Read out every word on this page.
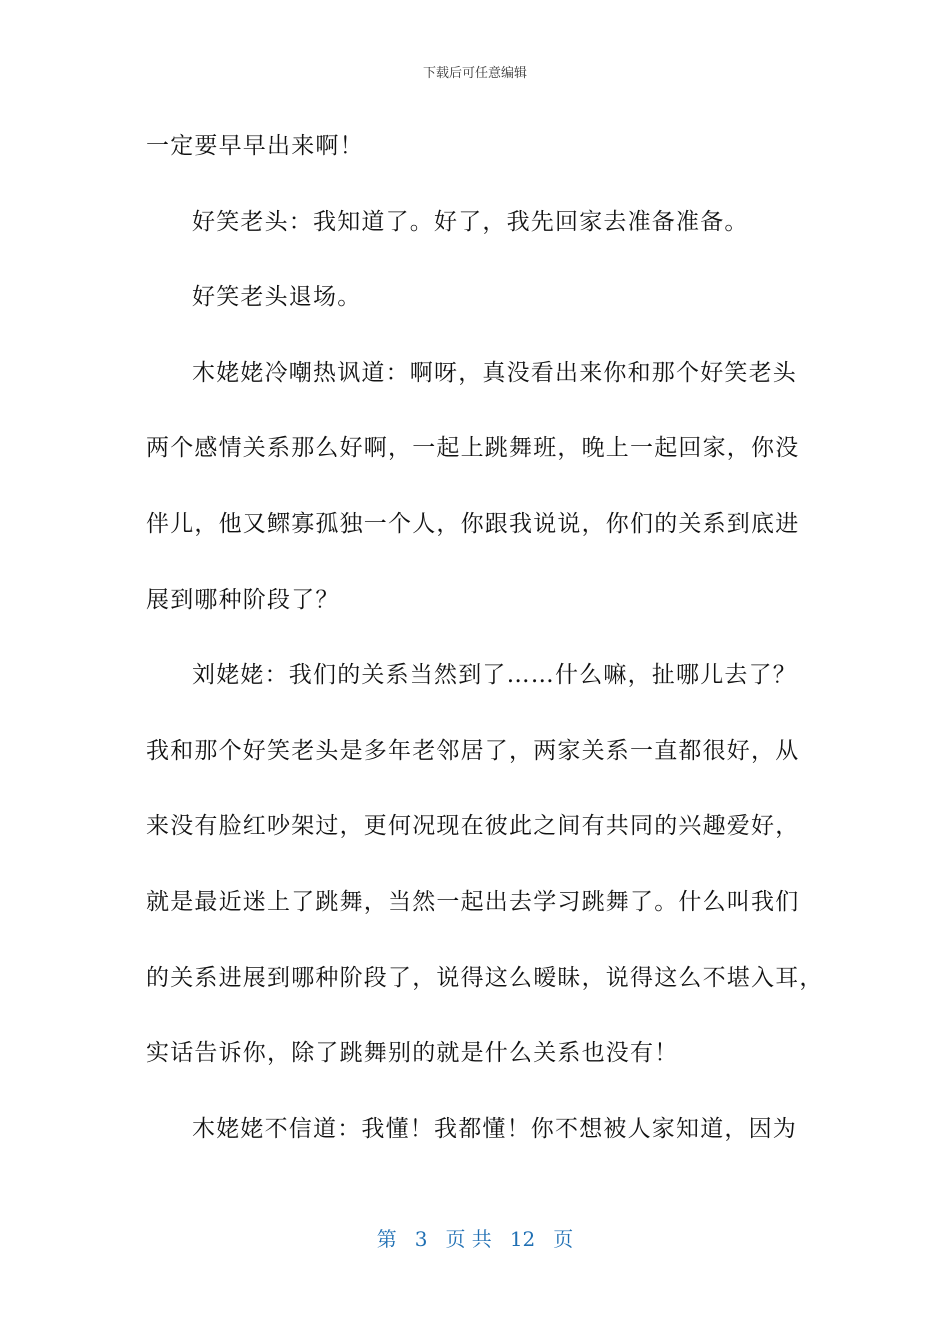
下载后可任意编辑
一定要早早出来啊！
好笑老头：我知道了。好了，我先回家去准备准备。
好笑老头退场。
木姥姥冷嘲热讽道：啊呀，真没看出来你和那个好笑老头
两个感情关系那么好啊，一起上跳舞班，晚上一起回家，你没
伴儿，他又鳏寡孤独一个人，你跟我说说，你们的关系到底进
展到哪种阶段了？
刘姥姥：我们的关系当然到了……什么嘛，扯哪儿去了？
我和那个好笑老头是多年老邻居了，两家关系一直都很好，从
来没有脸红吵架过，更何况现在彼此之间有共同的兴趣爱好，
就是最近迷上了跳舞，当然一起出去学习跳舞了。什么叫我们
的关系进展到哪种阶段了，说得这么暧昧，说得这么不堪入耳，
实话告诉你，除了跳舞别的就是什么关系也没有！
木姥姥不信道：我懂！我都懂！你不想被人家知道，因为
第 3 页 共 12 页
